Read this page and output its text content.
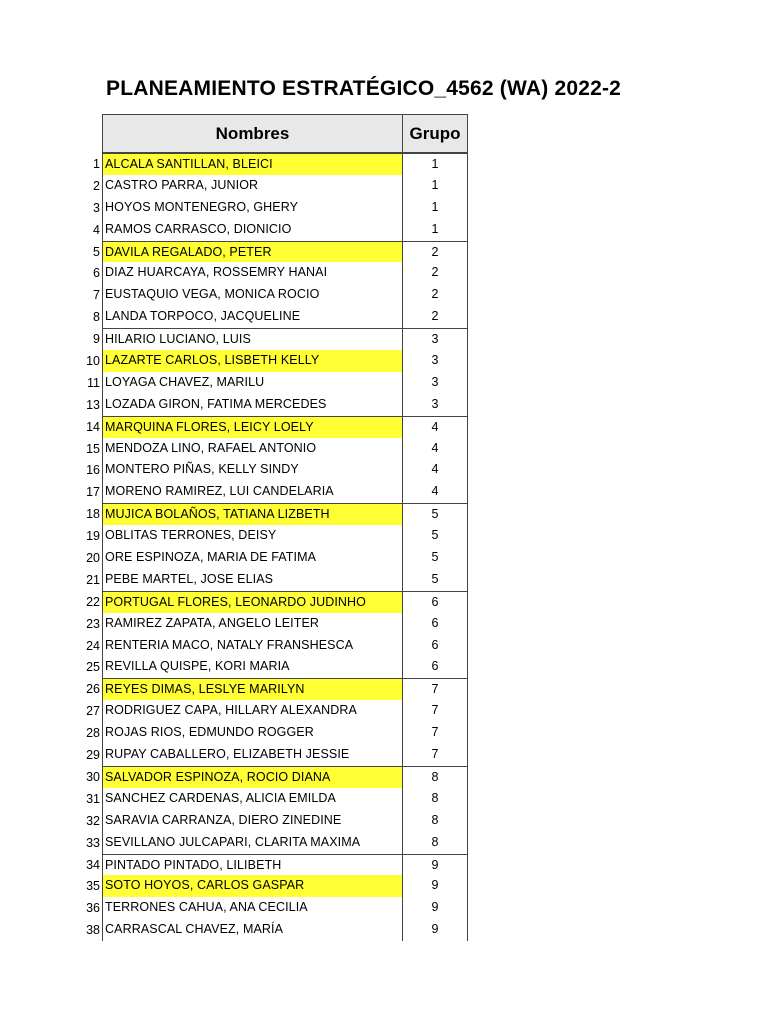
PLANEAMIENTO ESTRATÉGICO_4562 (WA) 2022-2
Nombres	Grupo
1 ALCALA SANTILLAN, BLEICI	1
2 CASTRO PARRA, JUNIOR	1
3 HOYOS MONTENEGRO, GHERY	1
4 RAMOS CARRASCO, DIONICIO	1
5 DAVILA REGALADO, PETER	2
6 DIAZ HUARCAYA, ROSSEMRY HANAI	2
7 EUSTAQUIO VEGA, MONICA ROCIO	2
8 LANDA TORPOCO, JACQUELINE	2
9 HILARIO LUCIANO, LUIS	3
10 LAZARTE CARLOS, LISBETH KELLY	3
11 LOYAGA CHAVEZ, MARILU	3
13 LOZADA GIRON, FATIMA MERCEDES	3
14 MARQUINA FLORES, LEICY LOELY	4
15 MENDOZA LINO, RAFAEL ANTONIO	4
16 MONTERO PIÑAS, KELLY SINDY	4
17 MORENO RAMIREZ, LUI CANDELARIA	4
18 MUJICA BOLAÑOS, TATIANA LIZBETH	5
19 OBLITAS TERRONES, DEISY	5
20 ORE ESPINOZA, MARIA DE FATIMA	5
21 PEBE MARTEL, JOSE ELIAS	5
22 PORTUGAL FLORES, LEONARDO JUDINHO	6
23 RAMIREZ ZAPATA, ANGELO LEITER	6
24 RENTERIA MACO, NATALY FRANSHESCA	6
25 REVILLA QUISPE, KORI MARIA	6
26 REYES DIMAS, LESLYE MARILYN	7
27 RODRIGUEZ CAPA, HILLARY ALEXANDRA	7
28 ROJAS RIOS, EDMUNDO ROGGER	7
29 RUPAY CABALLERO, ELIZABETH JESSIE	7
30 SALVADOR ESPINOZA, ROCIO DIANA	8
31 SANCHEZ CARDENAS, ALICIA EMILDA	8
32 SARAVIA CARRANZA, DIERO ZINEDINE	8
33 SEVILLANO JULCAPARI, CLARITA MAXIMA	8
34 PINTADO PINTADO, LILIBETH	9
35 SOTO HOYOS, CARLOS GASPAR	9
36 TERRONES CAHUA, ANA CECILIA	9
38 CARRASCAL CHAVEZ, MARÍA	9
